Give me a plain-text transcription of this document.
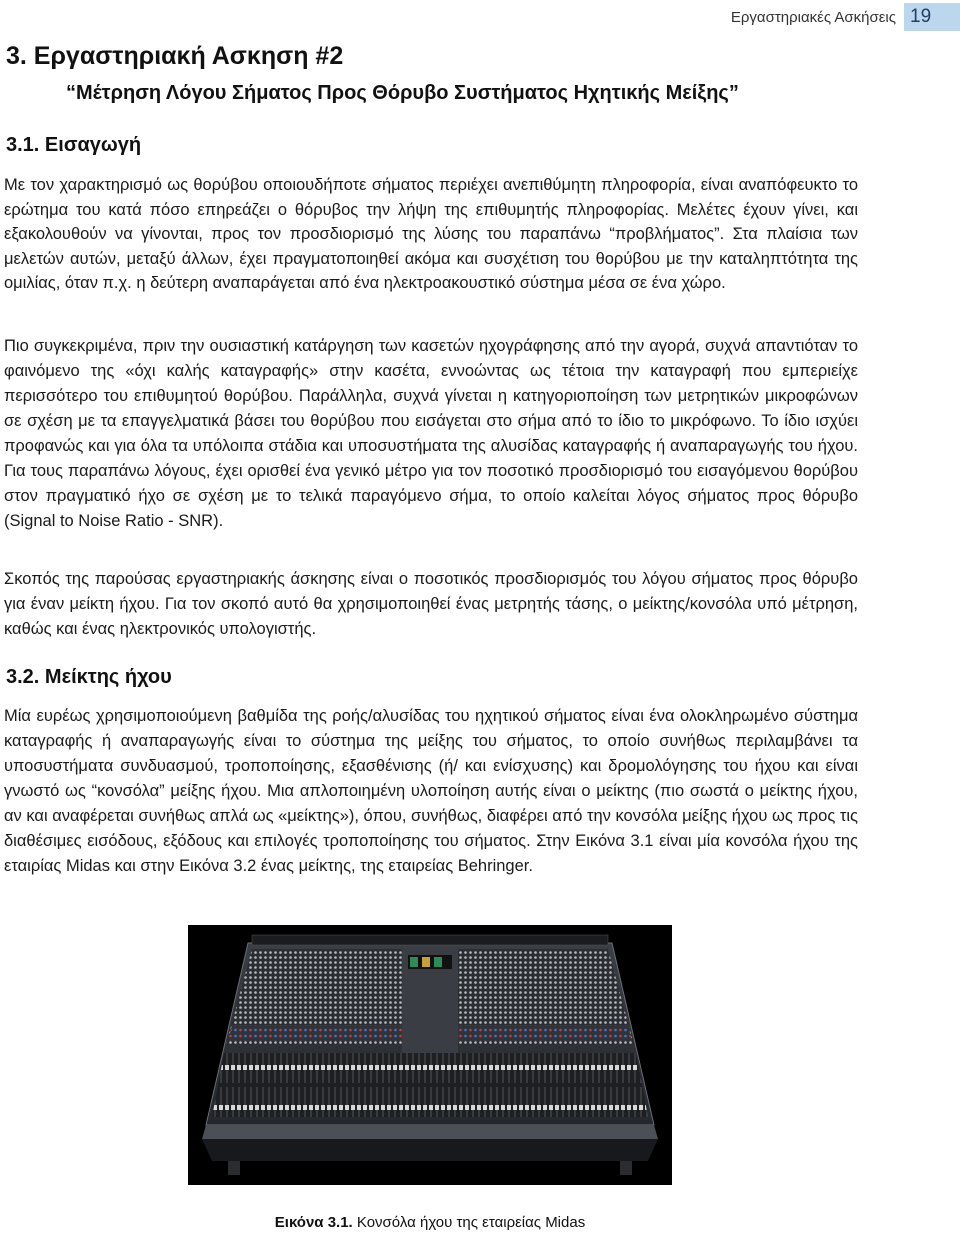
Εργαστηριακές Ασκήσεις 19
3. Εργαστηριακή Ασκηση #2
“Μέτρηση Λόγου Σήματος Προς Θόρυβο Συστήματος Ηχητικής Μείξης”
3.1. Εισαγωγή

Με τον χαρακτηρισμό ως θορύβου οποιουδήποτε σήματος περιέχει ανεπιθύμητη πληροφορία, είναι αναπόφευκτο το ερώτημα του κατά πόσο επηρεάζει ο θόρυβος την λήψη της επιθυμητής πληροφορίας. Μελέτες έχουν γίνει, και εξακολουθούν να γίνονται, προς τον προσδιορισμό της λύσης του παραπάνω “προβλήματος”. Στα πλαίσια των μελετών αυτών, μεταξύ άλλων, έχει πραγματοποιηθεί ακόμα και συσχέτιση του θορύβου με την καταληπτότητα της ομιλίας, όταν π.χ. η δεύτερη αναπαράγεται από ένα ηλεκτροακουστικό σύστημα μέσα σε ένα χώρο.

Πιο συγκεκριμένα, πριν την ουσιαστική κατάργηση των κασετών ηχογράφησης από την αγορά, συχνά απαντιόταν το φαινόμενο της «όχι καλής καταγραφής» στην κασέτα, εννοώντας ως τέτοια την καταγραφή που εμπεριείχε περισσότερο του επιθυμητού θορύβου. Παράλληλα, συχνά γίνεται η κατηγοριοποίηση των μετρητικών μικροφώνων σε σχέση με τα επαγγελματικά βάσει του θορύβου που εισάγεται στο σήμα από το ίδιο το μικρόφωνο. Το ίδιο ισχύει προφανώς και για όλα τα υπόλοιπα στάδια και υποσυστήματα της αλυσίδας καταγραφής ή αναπαραγωγής του ήχου. Για τους παραπάνω λόγους, έχει ορισθεί ένα γενικό μέτρο για τον ποσοτικό προσδιορισμό του εισαγόμενου θορύβου στον πραγματικό ήχο σε σχέση με το τελικά παραγόμενο σήμα, το οποίο καλείται λόγος σήματος προς θόρυβο (Signal to Noise Ratio - SNR).

Σκοπός της παρούσας εργαστηριακής άσκησης είναι ο ποσοτικός προσδιορισμός του λόγου σήματος προς θόρυβο για έναν μείκτη ήχου. Για τον σκοπό αυτό θα χρησιμοποιηθεί ένας μετρητής τάσης, ο μείκτης/κονσόλα υπό μέτρηση, καθώς και ένας ηλεκτρονικός υπολογιστής.

3.2. Μείκτης ήχου

Μία ευρέως χρησιμοποιούμενη βαθμίδα της ροής/αλυσίδας του ηχητικού σήματος είναι ένα ολοκληρωμένο σύστημα καταγραφής ή αναπαραγωγής είναι το σύστημα της μείξης του σήματος, το οποίο συνήθως περιλαμβάνει τα υποσυστήματα συνδυασμού, τροποποίησης, εξασθένισης (ή/ και ενίσχυσης) και δρομολόγησης του ήχου και είναι γνωστό ως “κονσόλα” μείξης ήχου. Μια απλοποιημένη υλοποίηση αυτής είναι ο μείκτης (πιο σωστά ο μείκτης ήχου, αν και αναφέρεται συνήθως απλά ως «μείκτης»), όπου, συνήθως, διαφέρει από την κονσόλα μείξης ήχου ως προς τις διαθέσιμες εισόδους, εξόδους και επιλογές τροποποίησης του σήματος. Στην Εικόνα 3.1 είναι μία κονσόλα ήχου της εταιρίας Midas και στην Εικόνα 3.2 ένας μείκτης, της εταιρείας Behringer.

Εικόνα 3.1. Κονσόλα ήχου της εταιρείας Midas
